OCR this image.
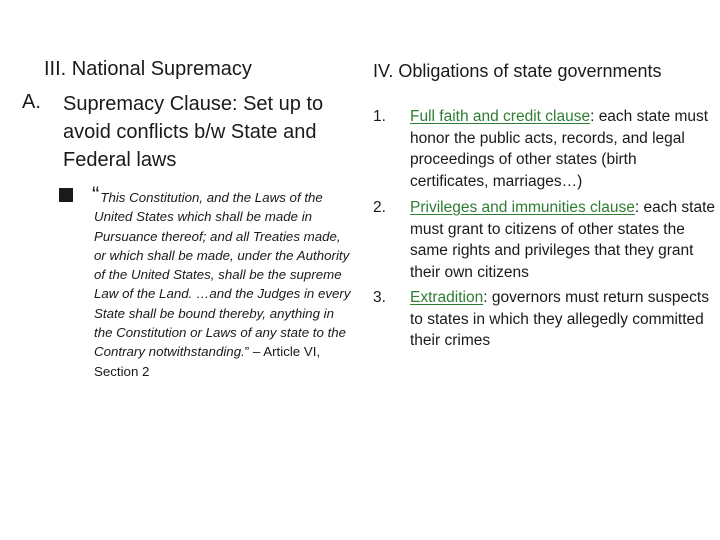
III. National Supremacy
A. Supremacy Clause: Set up to avoid conflicts b/w State and Federal laws
“This Constitution, and the Laws of the United States which shall be made in Pursuance thereof; and all Treaties made, or which shall be made, under the Authority of the United States, shall be the supreme Law of the Land. …and the Judges in every State shall be bound thereby, anything in the Constitution or Laws of any state to the Contrary notwithstanding.” – Article VI, Section 2
IV. Obligations of state governments
1. Full faith and credit clause: each state must honor the public acts, records, and legal proceedings of other states (birth certificates, marriages…)
2. Privileges and immunities clause: each state must grant to citizens of other states the same rights and privileges that they grant their own citizens
3. Extradition: governors must return suspects to states in which they allegedly committed their crimes
